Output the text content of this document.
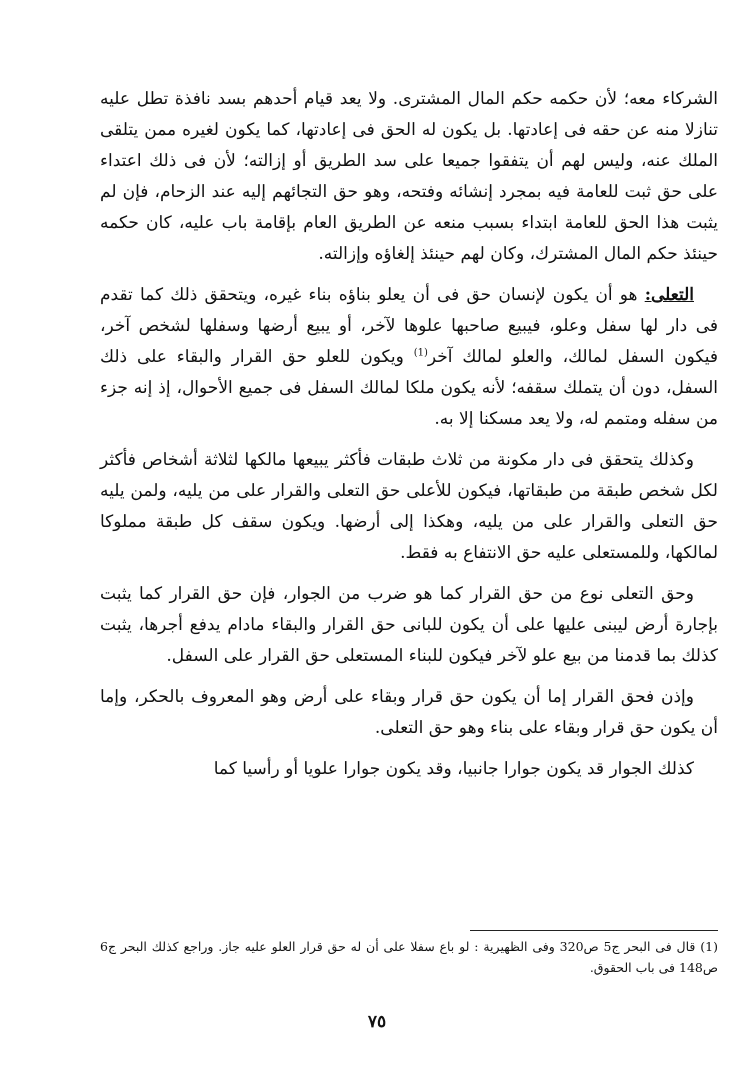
الشركاء معه؛ لأن حكمه حكم المال المشترى. ولا يعد قيام أحدهم بسد نافذة تطل عليه تنازلا منه عن حقه فى إعادتها. بل يكون له الحق فى إعادتها، كما يكون لغيره ممن يتلقى الملك عنه، وليس لهم أن يتفقوا جميعا على سد الطريق أو إزالته؛ لأن فى ذلك اعتداء على حق ثبت للعامة فيه بمجرد إنشائه وفتحه، وهو حق التجائهم إليه عند الزحام، فإن لم يثبت هذا الحق للعامة ابتداء بسبب منعه عن الطريق العام بإقامة باب عليه، كان حكمه حينئذ حكم المال المشترك، وكان لهم حينئذ إلغاؤه وإزالته.

التعلى: هو أن يكون لإنسان حق فى أن يعلو بناؤه بناء غيره، ويتحقق ذلك كما تقدم فى دار لها سفل وعلو، فيبيع صاحبها علوها لآخر، أو يبيع أرضها وسفلها لشخص آخر، فيكون السفل لمالك، والعلو لمالك آخر$^{(1)}$ ويكون للعلو حق القرار والبقاء على ذلك السفل، دون أن يتملك سقفه؛ لأنه يكون ملكا لمالك السفل فى جميع الأحوال، إذ إنه جزء من سفله ومتمم له، ولا يعد مسكنا إلا به.

وكذلك يتحقق فى دار مكونة من ثلاث طبقات فأكثر يبيعها مالكها لثلاثة أشخاص فأكثر لكل شخص طبقة من طبقاتها، فيكون للأعلى حق التعلى والقرار على من يليه، ولمن يليه حق التعلى والقرار على من يليه، وهكذا إلى أرضها. ويكون سقف كل طبقة مملوكا لمالكها، وللمستعلى عليه حق الانتفاع به فقط.

وحق التعلى نوع من حق القرار كما هو ضرب من الجوار، فإن حق القرار كما يثبت بإجارة أرض ليبنى عليها على أن يكون للبانى حق القرار والبقاء مادام يدفع أجرها، يثبت كذلك بما قدمنا من بيع علو لآخر فيكون للبناء المستعلى حق القرار على السفل.

وإذن فحق القرار إما أن يكون حق قرار وبقاء على أرض وهو المعروف بالحكر، وإما أن يكون حق قرار وبقاء على بناء وهو حق التعلى.

كذلك الجوار قد يكون جوارا جانبيا، وقد يكون جوارا علويا أو رأسيا كما

(1) قال فى البحر ج5 ص320 وفى الظهيرية : لو باع سفلا على أن له حق قرار العلو عليه جاز. وراجع كذلك البحر ج6 ص148 فى باب الحقوق.
٧٥
